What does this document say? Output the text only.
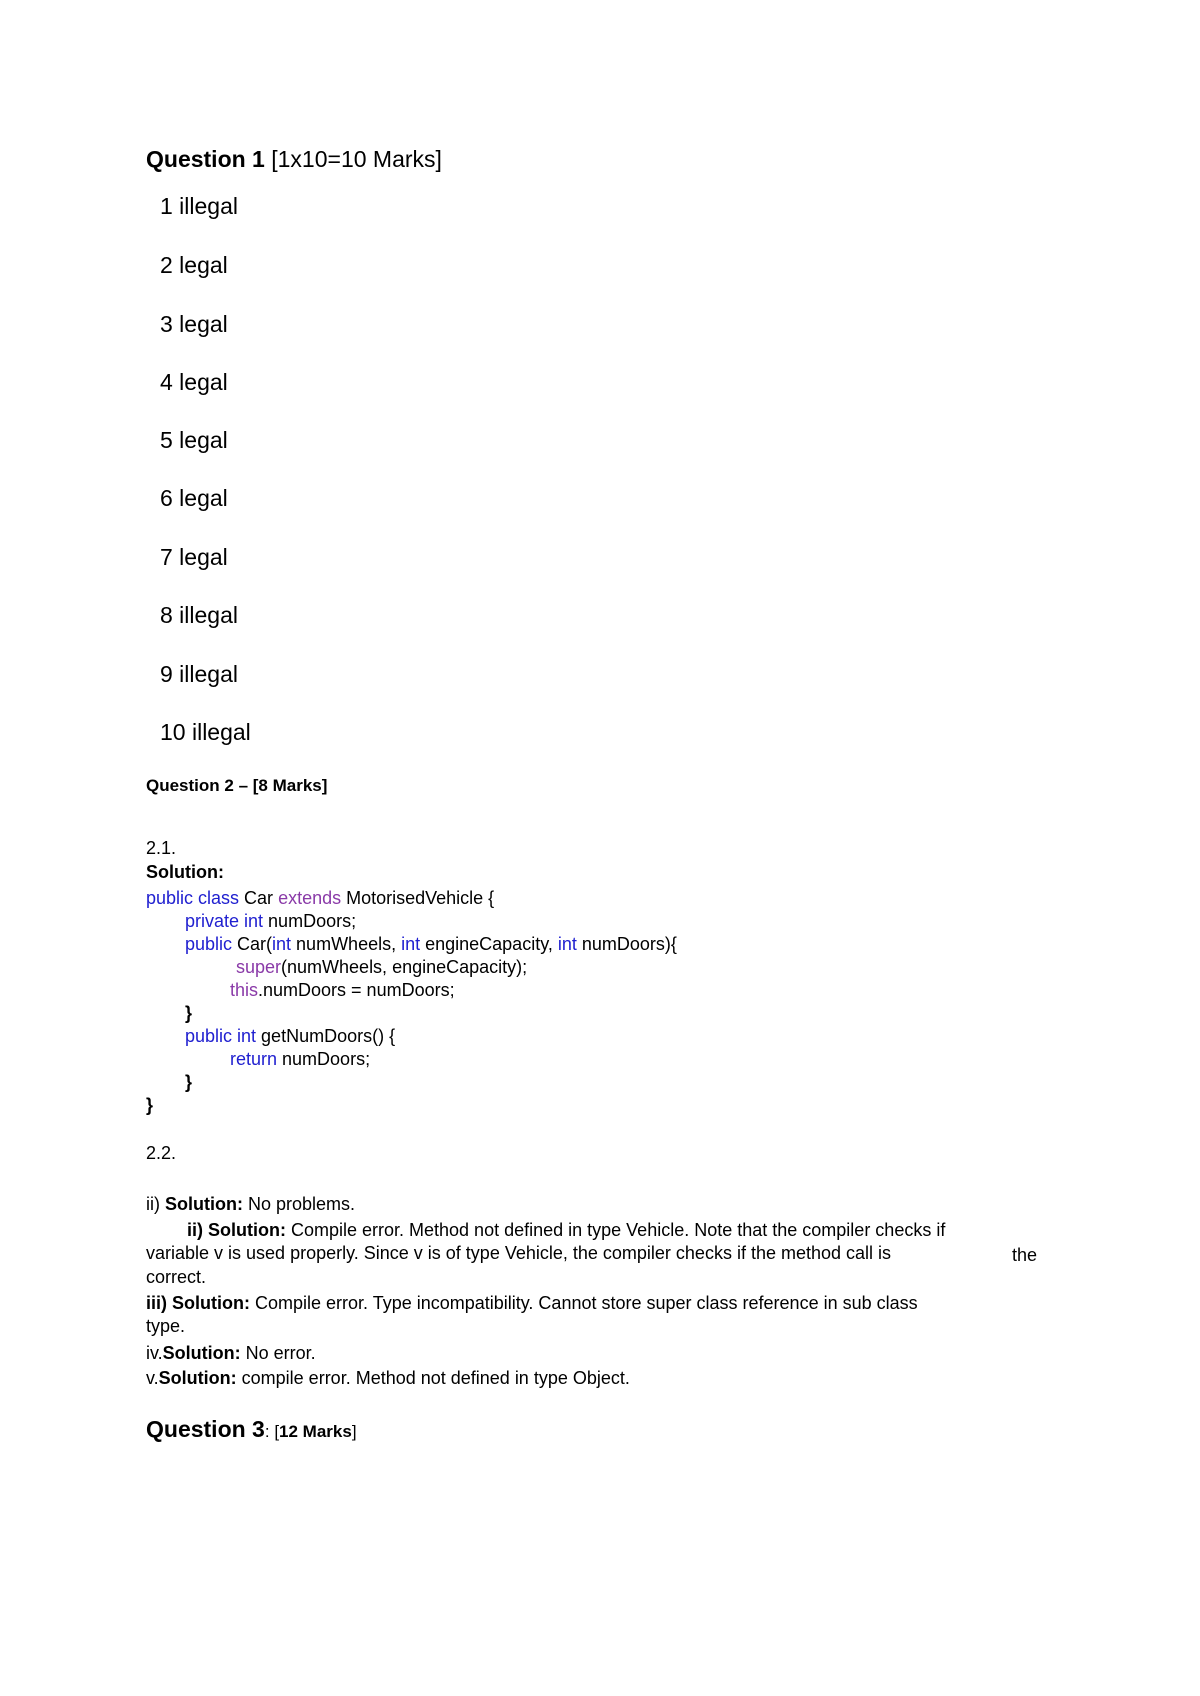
Question 1 [1x10=10 Marks]
1 illegal
2 legal
3 legal
4 legal
5 legal
6 legal
7 legal
8 illegal
9 illegal
10 illegal
Question 2 – [8 Marks]
2.1.
Solution:
public class Car extends MotorisedVehicle {
private int numDoors;
public Car(int numWheels, int engineCapacity, int numDoors){
super(numWheels, engineCapacity);
this.numDoors = numDoors;
}
public int getNumDoors() {
return numDoors;
}
}
2.2.
ii) Solution: No problems.
ii) Solution: Compile error. Method not defined in type Vehicle. Note that the compiler checks if
variable v is used properly. Since v is of type Vehicle, the compiler checks if the method call is	the
correct.
iii) Solution: Compile error. Type incompatibility. Cannot store super class reference in sub class
type.
iv.Solution: No error.
v.Solution: compile error. Method not defined in type Object.
Question 3: [12 Marks]
